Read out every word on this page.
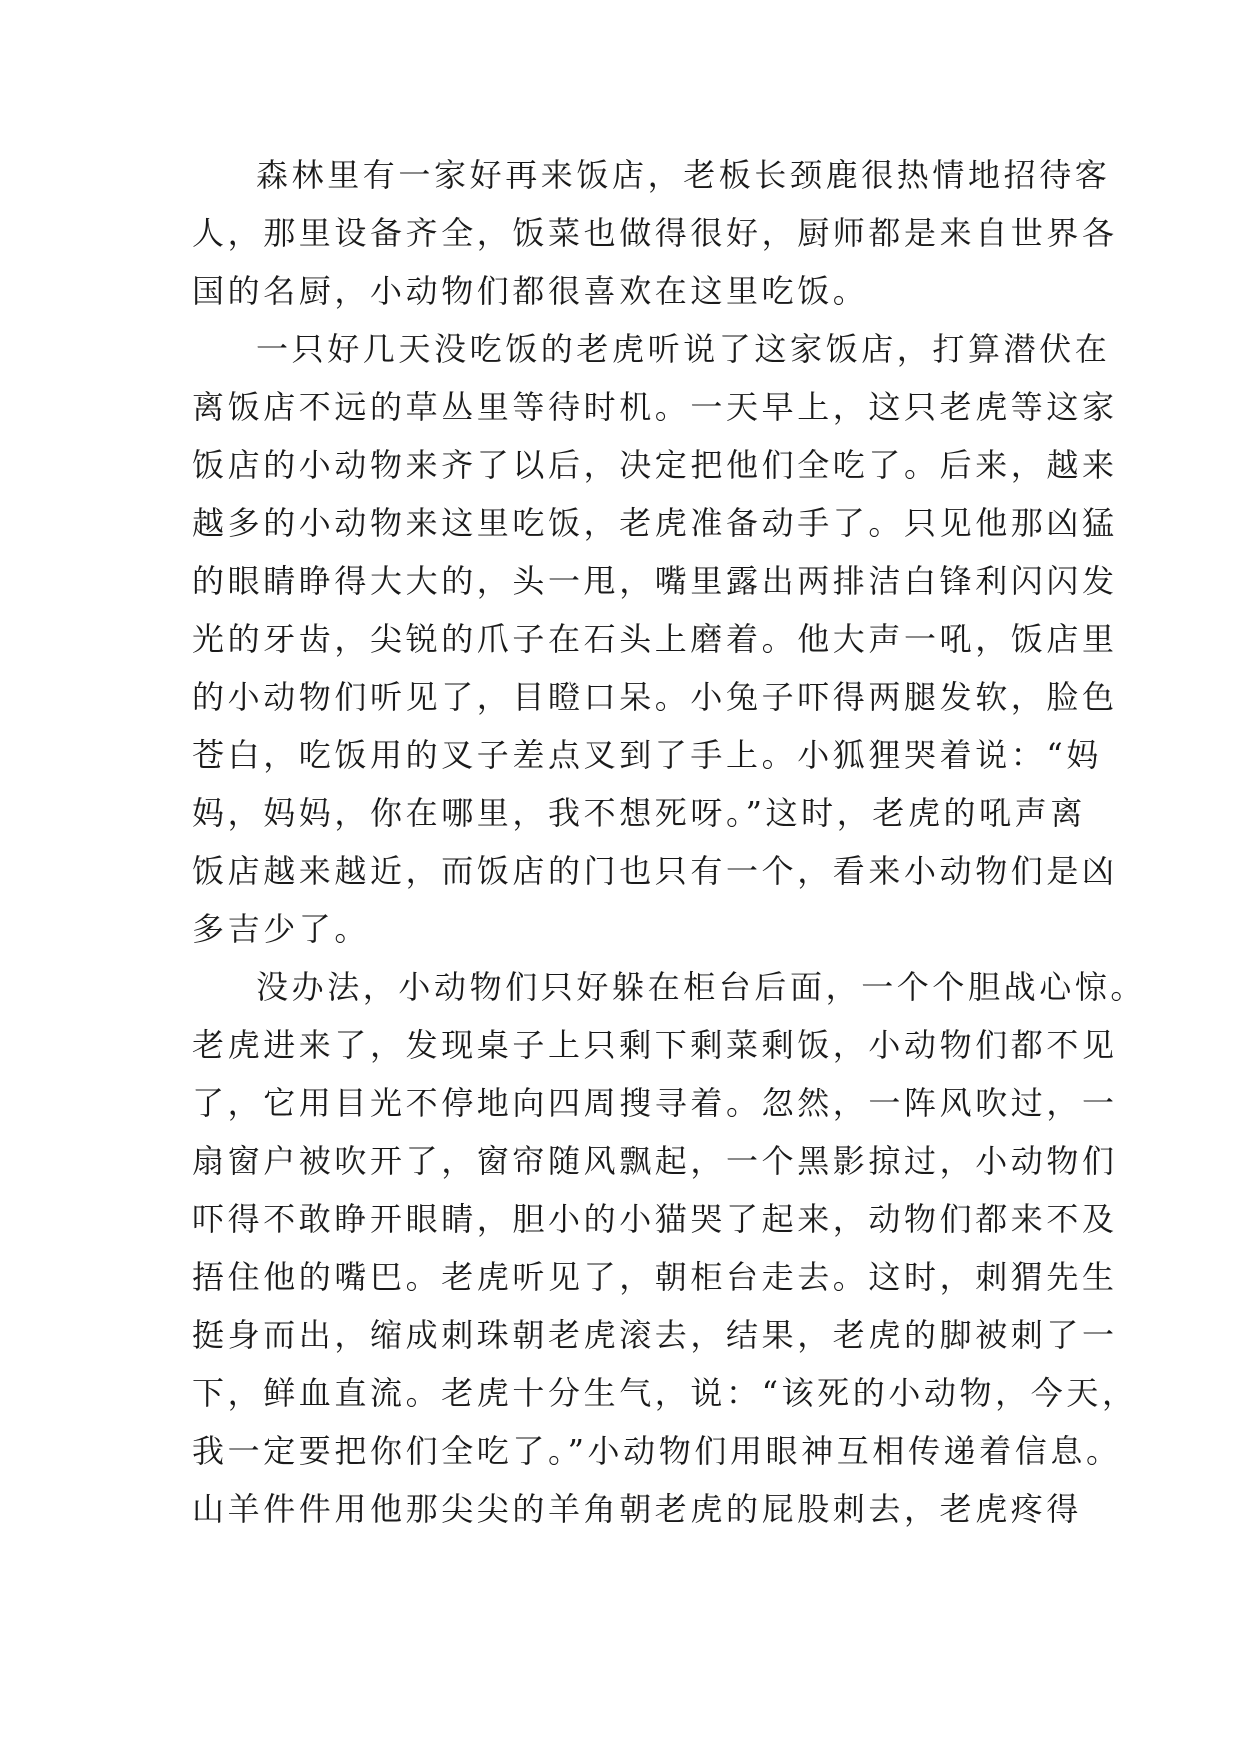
森林里有一家好再来饭店，老板长颈鹿很热情地招待客
人，那里设备齐全，饭菜也做得很好，厨师都是来自世界各
国的名厨，小动物们都很喜欢在这里吃饭。

一只好几天没吃饭的老虎听说了这家饭店，打算潜伏在
离饭店不远的草丛里等待时机。一天早上，这只老虎等这家
饭店的小动物来齐了以后，决定把他们全吃了。后来，越来
越多的小动物来这里吃饭，老虎准备动手了。只见他那凶猛
的眼睛睁得大大的，头一甩，嘴里露出两排洁白锋利闪闪发
光的牙齿，尖锐的爪子在石头上磨着。他大声一吼，饭店里
的小动物们听见了，目瞪口呆。小兔子吓得两腿发软，脸色
苍白，吃饭用的叉子差点叉到了手上。小狐狸哭着说：“妈
妈，妈妈，你在哪里，我不想死呀。”这时，老虎的吼声离
饭店越来越近，而饭店的门也只有一个，看来小动物们是凶
多吉少了。

没办法，小动物们只好躲在柜台后面，一个个胆战心惊。
老虎进来了，发现桌子上只剩下剩菜剩饭，小动物们都不见
了，它用目光不停地向四周搜寻着。忽然，一阵风吹过，一
扇窗户被吹开了，窗帘随风飘起，一个黑影掠过，小动物们
吓得不敢睁开眼睛，胆小的小猫哭了起来，动物们都来不及
捂住他的嘴巴。老虎听见了，朝柜台走去。这时，刺猬先生
挺身而出，缩成刺珠朝老虎滚去，结果，老虎的脚被刺了一
下，鲜血直流。老虎十分生气，说：“该死的小动物，今天，
我一定要把你们全吃了。”小动物们用眼神互相传递着信息。
山羊件件用他那尖尖的羊角朝老虎的屁股刺去，老虎疼得
